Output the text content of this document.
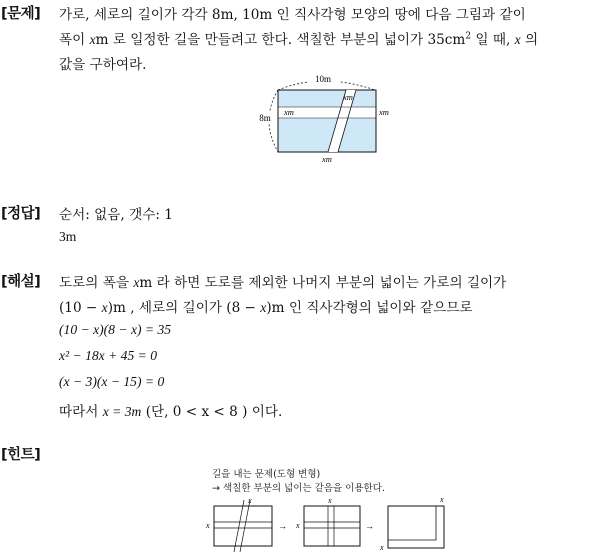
[문제] 가로, 세로의 길이가 각각 8m, 10m 인 직사각형 모양의 땅에 다음 그림과 같이
폭이 xm 로 일정한 길을 만들려고 한다. 색칠한 부분의 넓이가 $35cm^2$ 일 때, x 의
값을 구하여라.
10m
8m
xm
xm
xm
xm
[정답] 순서: 없음, 갯수: 1
3m
[해설] 도로의 폭을 xm 라 하면 도로를 제외한 나머지 부분의 넓이는 가로의 길이가
(10 − x)m , 세로의 길이가 (8 − x)m 인 직사각형의 넓이와 같으므로
(10 − x)(8 − x) = 35
x² − 18x + 45 = 0
(x − 3)(x − 15) = 0
따라서 x = 3m (단, 0 < x < 8 ) 이다.
[힌트]
길을 내는 문제(도형 변형)
→ 색칠한 부분의 넓이는 같음을 이용한다.
x
x
→ x
x
→
x
x
